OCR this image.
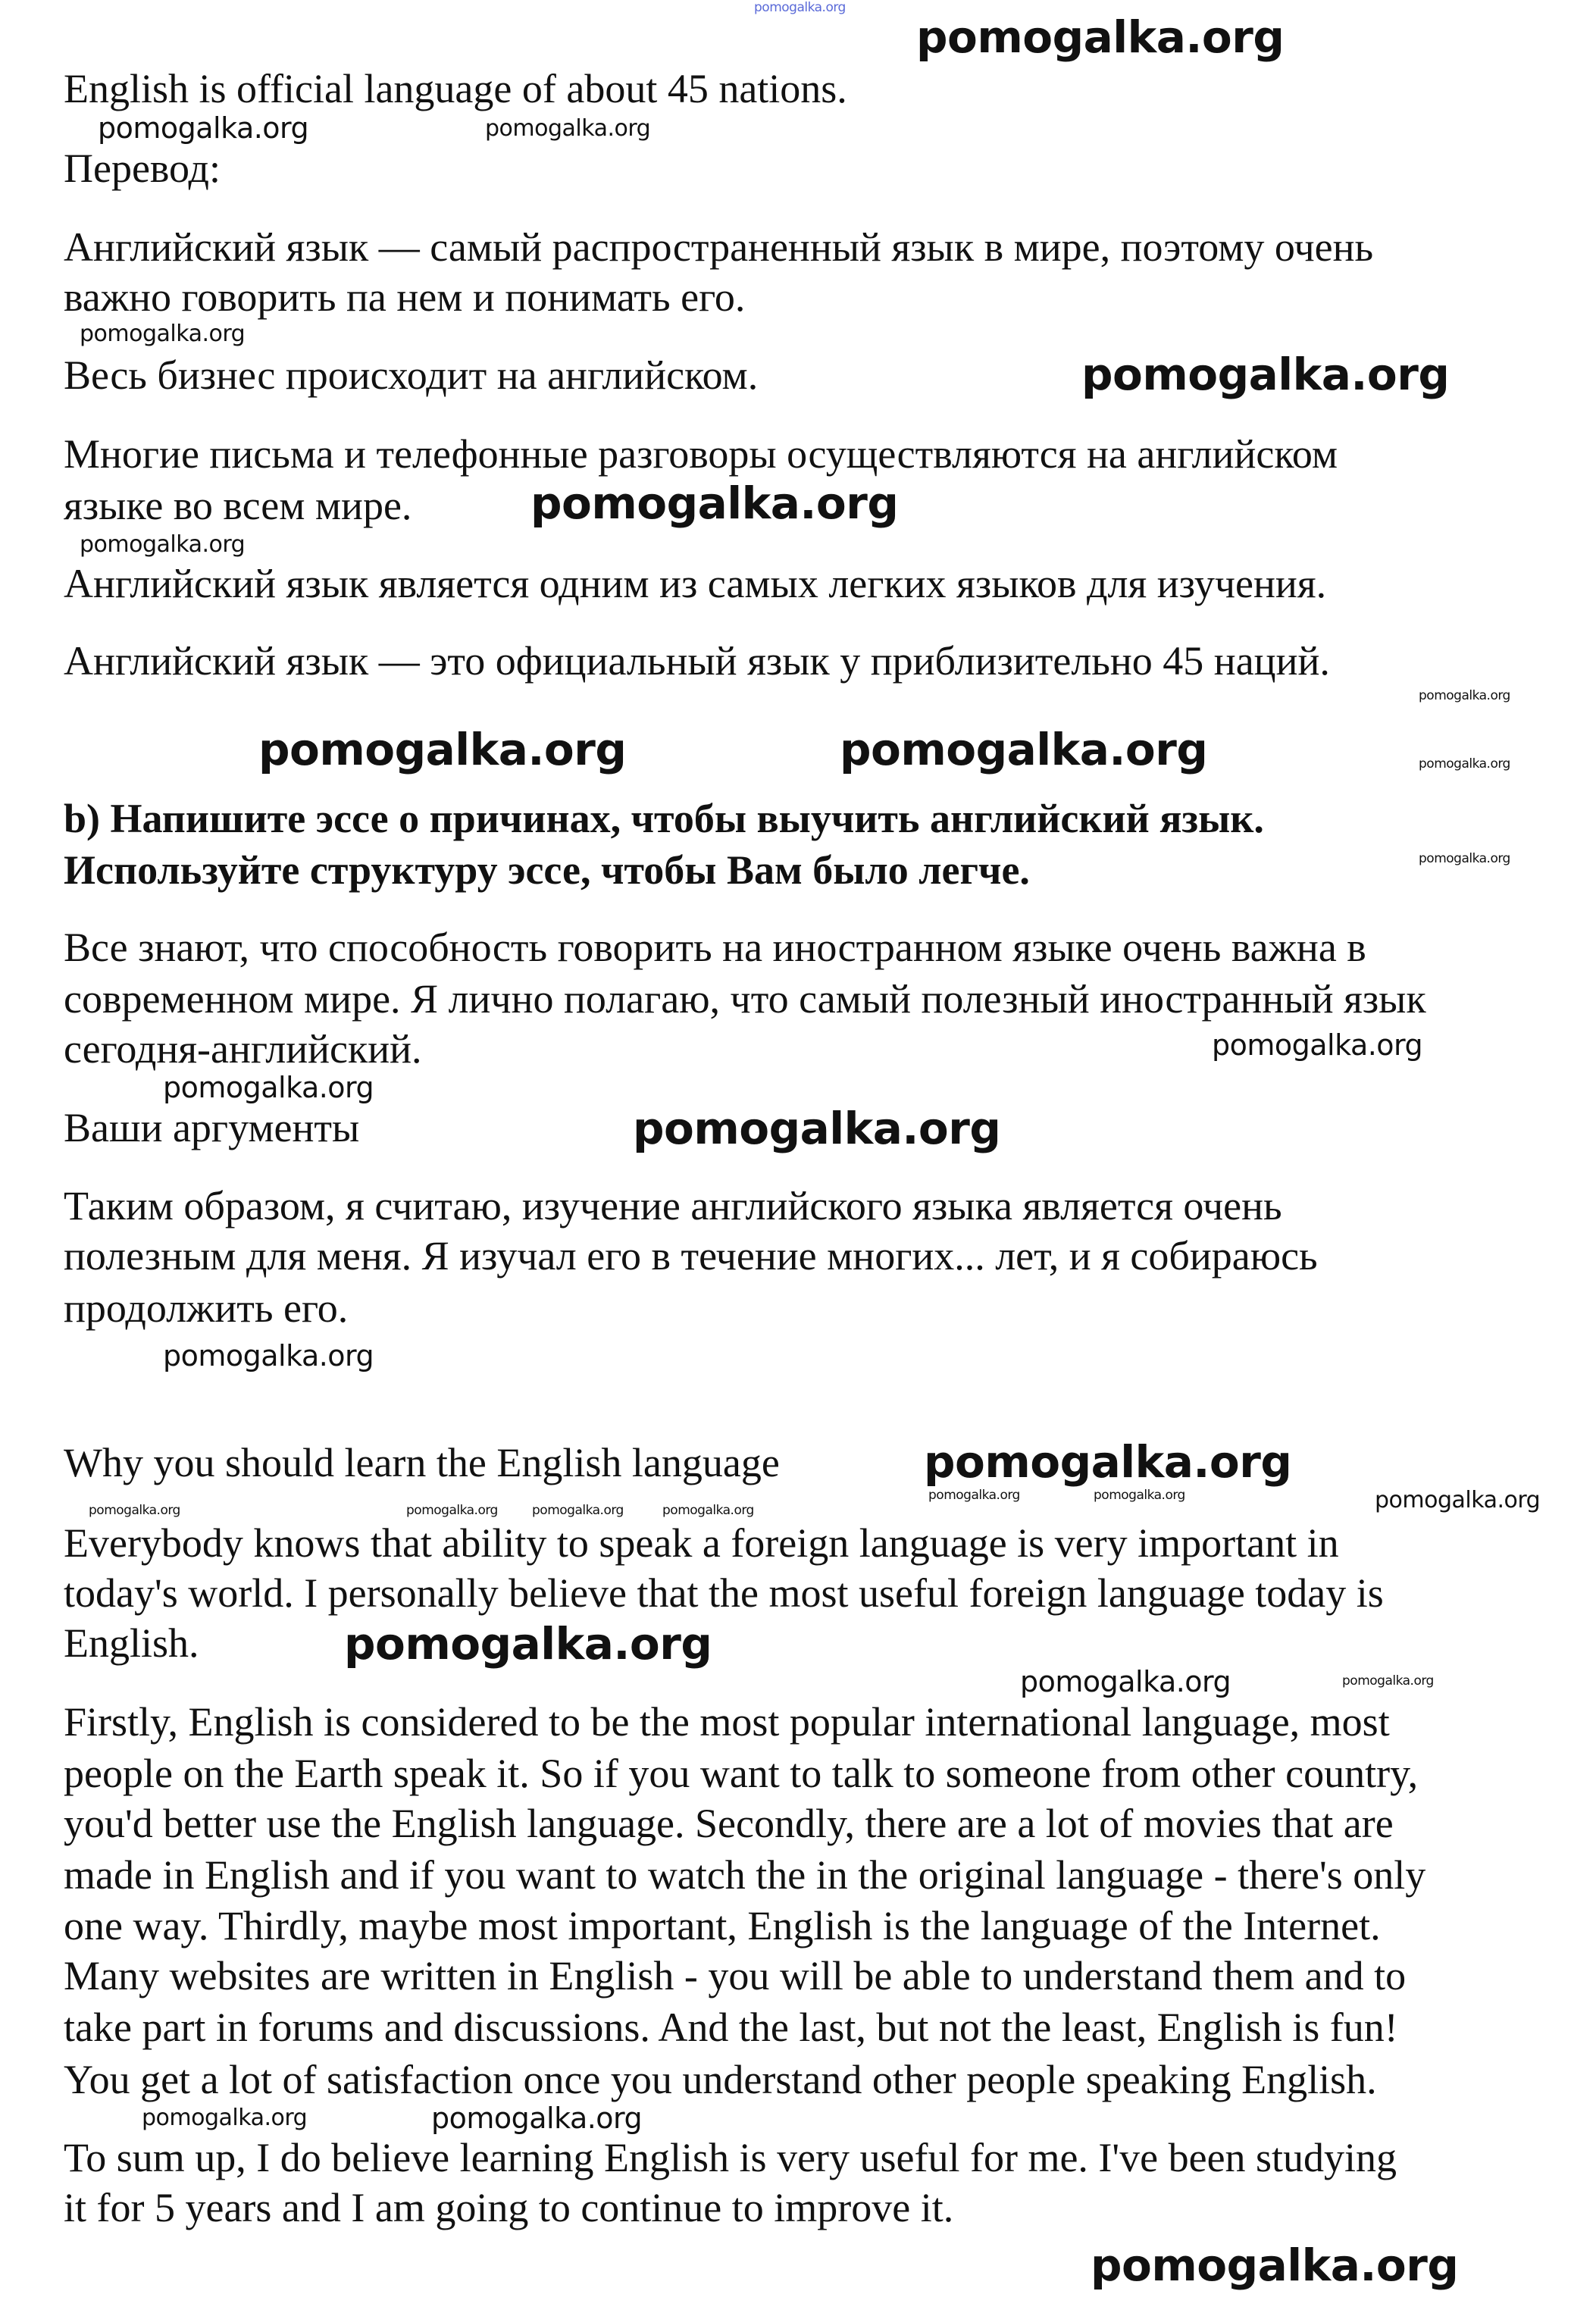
English is official language of about 45 nations.
Перевод:
Английский язык — самый распространенный язык в мире, поэтому очень
важно говорить па нем и понимать его.
Весь бизнес происходит на английском.
Многие письма и телефонные разговоры осуществляются на английском
языке во всем мире.
Английский язык является одним из самых легких языков для изучения.
Английский язык — это официальный язык у приблизительно 45 наций.
b) Напишите эссе о причинах, чтобы выучить английский язык.
Используйте структуру эссе, чтобы Вам было легче.
Все знают, что способность говорить на иностранном языке очень важна в
современном мире. Я лично полагаю, что самый полезный иностранный язык
сегодня-английский.
Ваши аргументы
Таким образом, я считаю, изучение английского языка является очень
полезным для меня. Я изучал его в течение многих... лет, и я собираюсь
продолжить его.
Why you should learn the English language
Everybody knows that ability to speak a foreign language is very important in
today's world. I personally believe that the most useful foreign language today is
English.
Firstly, English is considered to be the most popular international language, most
people on the Earth speak it. So if you want to talk to someone from other country,
you'd better use the English language. Secondly, there are a lot of movies that are
made in English and if you want to watch the in the original language - there's only
one way. Thirdly, maybe most important, English is the language of the Internet.
Many websites are written in English - you will be able to understand them and to
take part in forums and discussions. And the last, but not the least, English is fun!
You get a lot of satisfaction once you understand other people speaking English.
To sum up, I do believe learning English is very useful for me. I've been studying
it for 5 years and I am going to continue to improve it.
pomogalka.org
pomogalka.org
pomogalka.org	pomogalka.org
pomogalka.org
pomogalka.org
pomogalka.org
pomogalka.org
pomogalka.org
pomogalka.org	pomogalka.org	pomogalka.org
pomogalka.org
pomogalka.org
pomogalka.org
pomogalka.org
pomogalka.org
pomogalka.org
pomogalka.org
pomogalka.org	pomogalka.org
pomogalka.org	pomogalka.org	pomogalka.org
pomogalka.org	pomogalka.org	pomogalka.org
pomogalka.org
pomogalka.org	pomogalka.org
pomogalka.org
